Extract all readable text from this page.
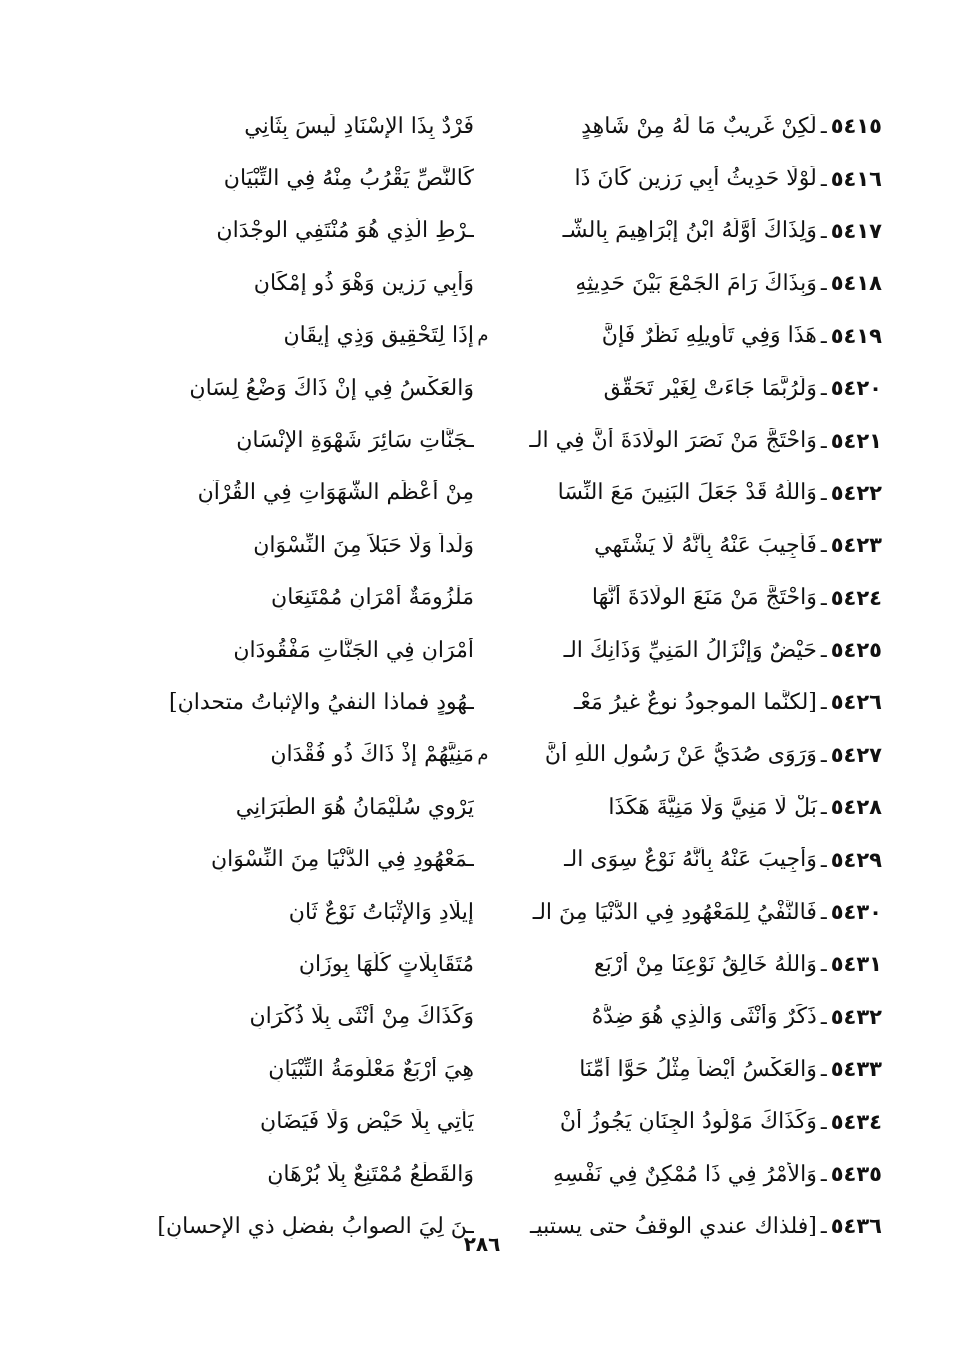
٥٤١٥
ـ
لَكِنْ غَرِيبٌ مَا لَهُ مِنْ شَاهِدٍ
فَرْدٌ بِذَا الإِسْنَادِ لَيسَ بِثَانِي
٥٤١٦
ـ
لَوْلَا حَدِيثُ أَبِي رَزِينٍ كَانَ ذَا
كَالنَّصِّ يَقْرُبُ مِنْهُ فِي التِّبْيَانِ
٥٤١٧
ـ
وَلِذَاكَ أَوَّلَهُ ابْنُ إِبْرَاهِيمَ بِالشَّـ
ـرْطِ الَّذِي هُوَ مُنْتَفِي الوِجْدَانِ
٥٤١٨
ـ
وَبِذَاكَ رَامَ الجَمْعَ بَيْنَ حَدِيثِهِ
وَأَبِي رَزِينٍ وَهْوَ ذُو إِمْكَانِ
٥٤١٩
ـ
هَذَا وَفِي تَأْوِيلِهِ نَظَرٌ فَإِنَّ
م
إِذَا لِتَحْقِيقٍ وَذِي إِيقَانِ
٥٤٢٠
ـ
وَلَرُبَّمَا جَاءَتْ لِغَيْرِ تَحَقُّقٍ
وَالعَكْسُ فِي إِنْ ذَاكَ وَضْعُ لِسَانِ
٥٤٢١
ـ
وَاحْتَجَّ مَنْ نَصَرَ الوِلَادَةَ أَنَّ فِي الـ
ـجَنَّاتِ سَائِرَ شَهْوَةِ الإِنْسَانِ
٥٤٢٢
ـ
وَاللَّهُ قَدْ جَعَلَ البَنِينَ مَعَ النِّسَا
مِنْ أَعْظَمِ الشَّهَوَاتِ فِي القُرْآنِ
٥٤٢٣
ـ
فَأُجِيبَ عَنْهُ بِأَنَّهُ لَا يَشْتَهِي
وَلَداً وَلَا حَبَلاً مِنَ النِّسْوَانِ
٥٤٢٤
ـ
وَاحْتَجَّ مَنْ مَنَعَ الوِلَادَةَ أَنَّهَا
مَلْزُومَةٌ أَمْرَانِ مُمْتَنِعَانِ
٥٤٢٥
ـ
حَيْضٌ وَإِنْزَالُ المَنِيِّ وَذَانِكَ الـ
أَمْرَانِ فِي الجَنَّاتِ مَفْقُودَانِ
٥٤٢٦
ـ
[لكنَّما الموجودُ نوعٌ غيرُ مَعْـ
ـهُودٍ فماذا النفيُ والإثباتُ متحدانِ]
٥٤٢٧
ـ
وَرَوَى صُدَيُّ عَنْ رَسُولِ اللَّهِ أَنَّ
م
مَنِيَّهُمْ إِذْ ذَاكَ ذُو فُقْدَانِ
٥٤٢٨
ـ
بَلْ لَا مَنِيَّ وَلَا مَنِيَّةَ هَكَذَا
يَرْوِي سُلَيْمَانُ هُوَ الطَّبَرَانِي
٥٤٢٩
ـ
وَأُجِيبَ عَنْهُ بِأَنَّهُ نَوْعٌ سِوَى الـ
ـمَعْهُودِ فِي الدُّنْيَا مِنَ النِّسْوَانِ
٥٤٣٠
ـ
فَالنَّفْيُ لِلمَعْهُودِ فِي الدُّنْيَا مِنَ الـ
إِيلَادِ وَالإِثْبَاتُ نَوْعٌ ثَانِ
٥٤٣١
ـ
وَاللَّهُ خَالِقُ نَوْعِنَا مِنْ أَرْبَعٍ
مُتَقَابِلَاتٍ كُلُّهَا بِوِزَانِ
٥٤٣٢
ـ
ذَكَرٌ وَأُنْثَى وَالَّذِي هُوَ ضِدُّهُ
وَكَذَاكَ مِنْ أُنْثَى بِلَا ذُكْرَانِ
٥٤٣٣
ـ
وَالعَكْسُ أَيْضاً مِثْلُ حَوَّا أُمِّنَا
هِيَ أَرْبَعٌ مَعْلُومَةُ التِّبْيَانِ
٥٤٣٤
ـ
وَكَذَاكَ مَوْلُودُ الجِنَانِ يَجُوزُ أَنْ
يَأْتِي بِلَا حَيْضٍ وَلَا فَيَضَانِ
٥٤٣٥
ـ
وَالأَمْرُ فِي ذَا مُمْكِنٌ فِي نَفْسِهِ
وَالقَطْعُ مُمْتَنِعٌ بِلَا بُرْهَانِ
٥٤٣٦
ـ
[فلذاك عندي الوقفُ حتى يستبيـ
ـنَ لِيَ الصوابُ بفضلِ ذي الإحسانِ]
٢٨٦
